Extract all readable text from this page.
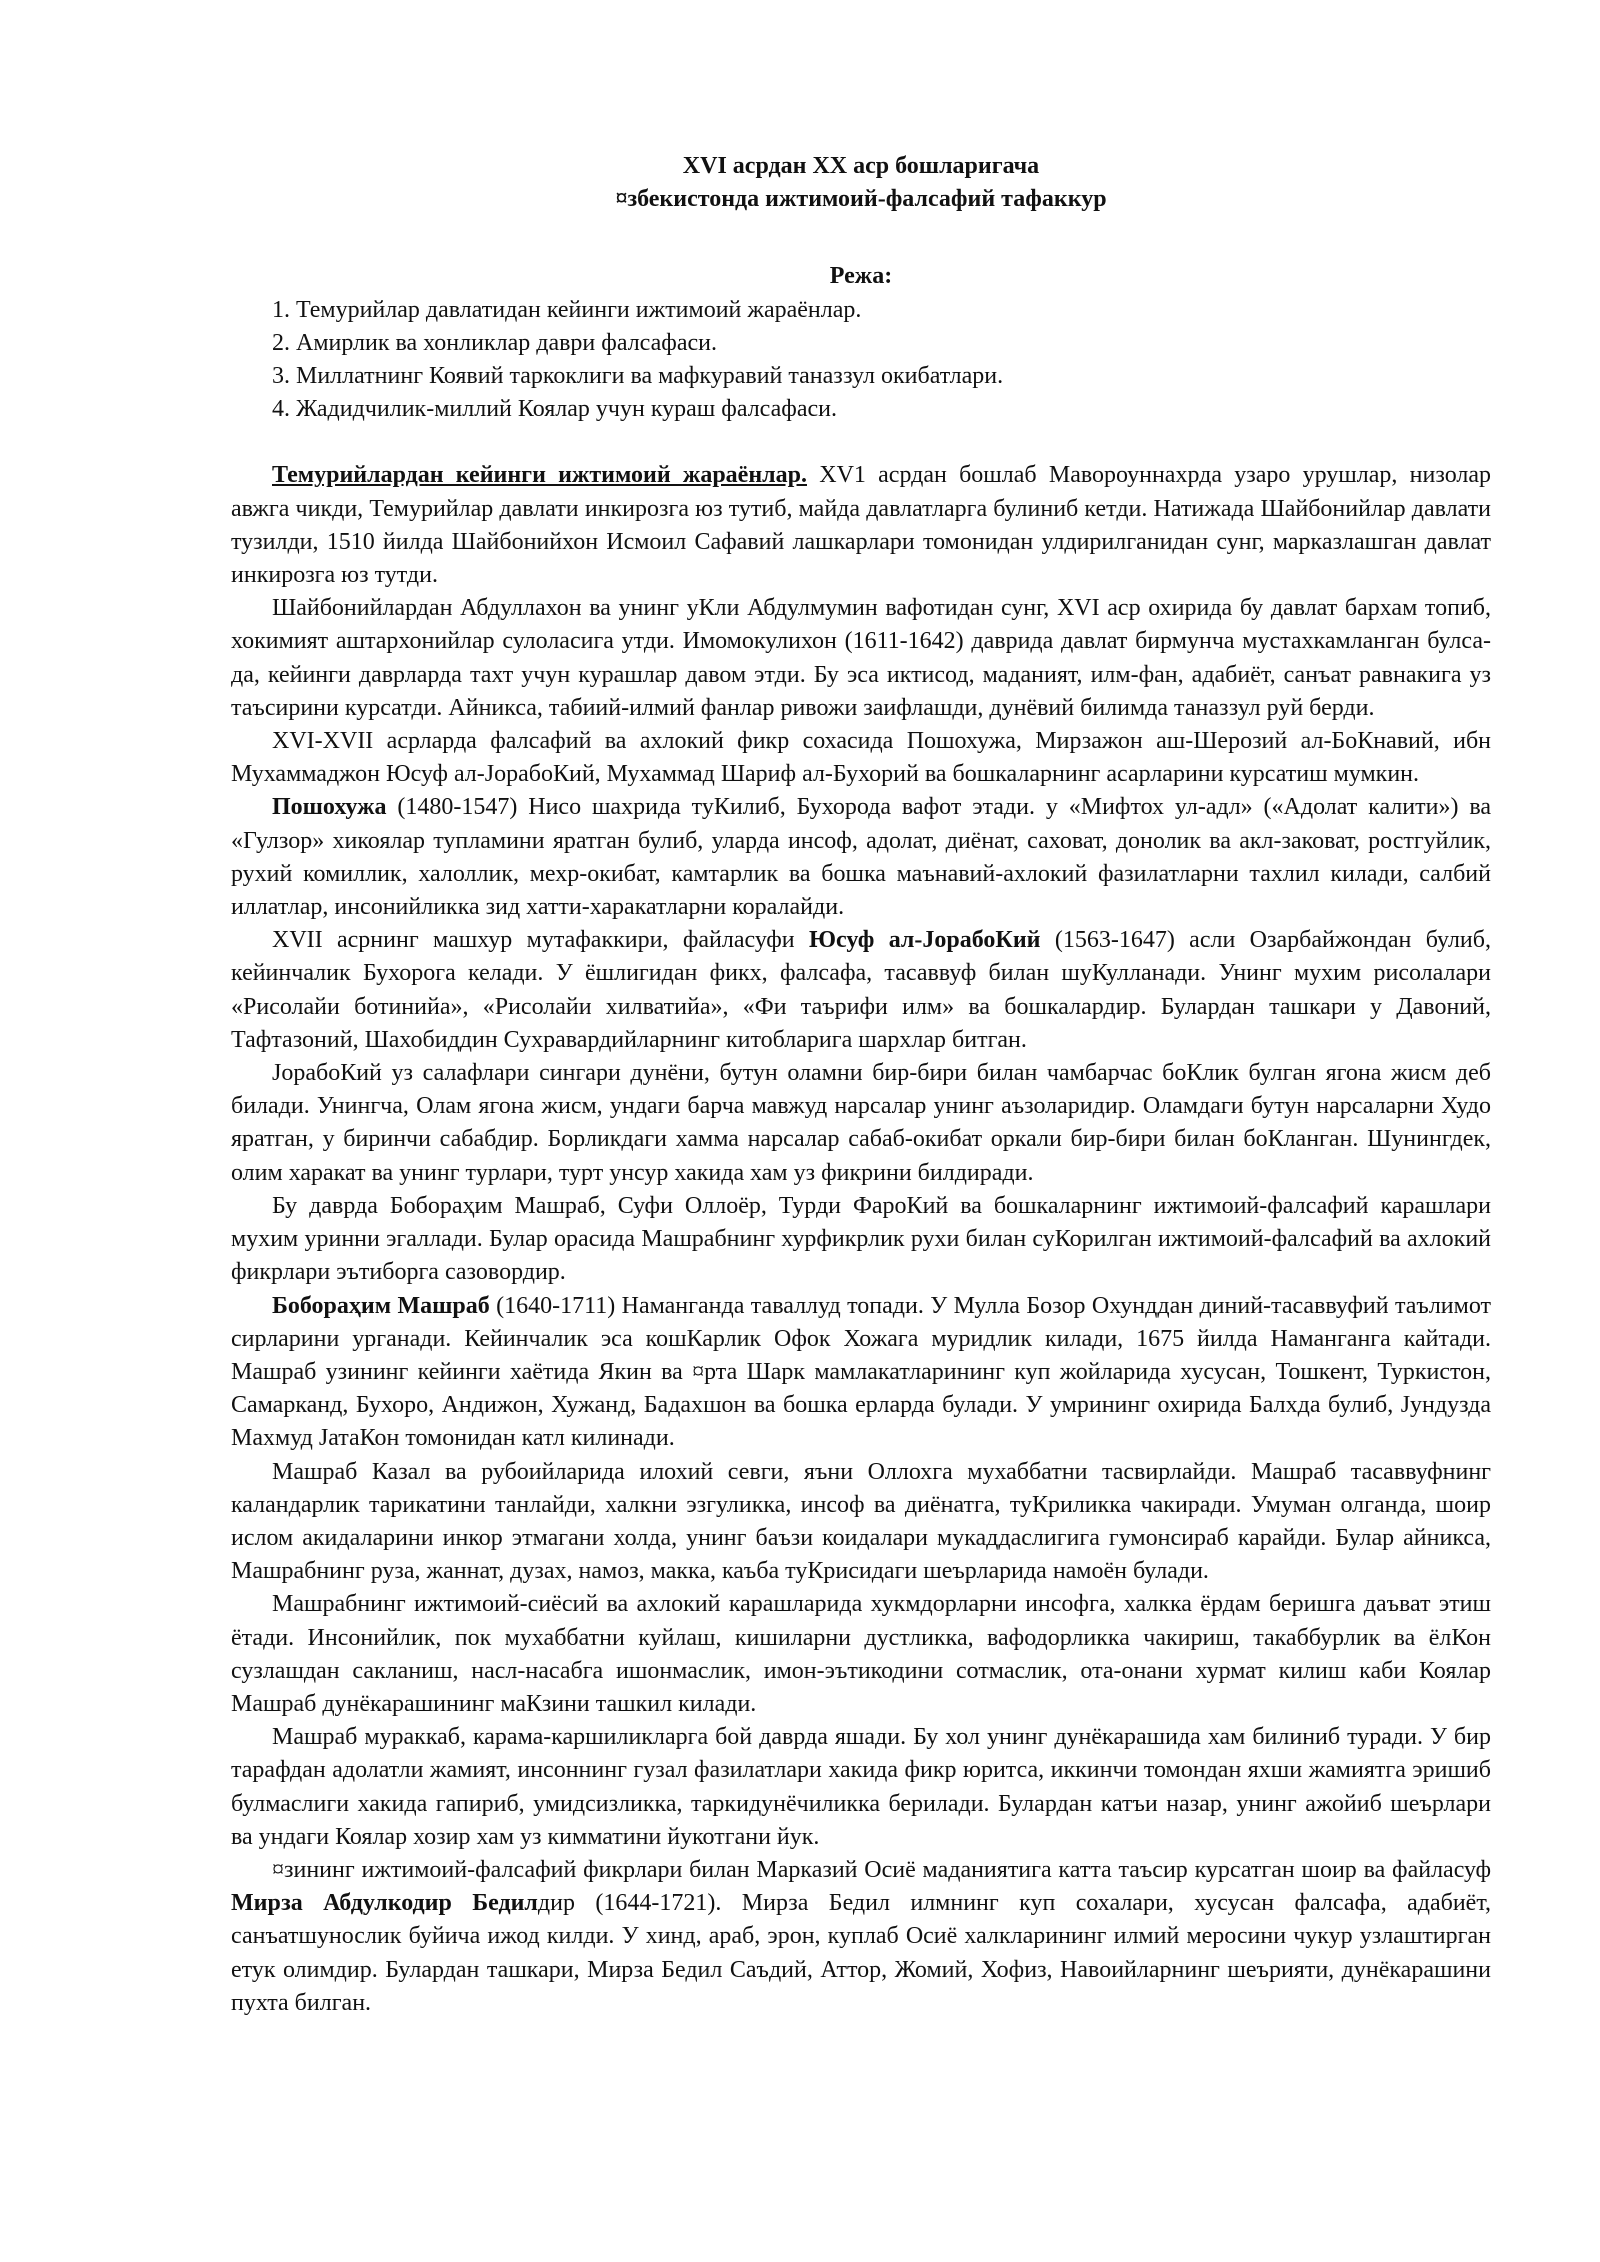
XVI асрдан XX аср бошларигача
¤збекистонда ижтимоий-фалсафий тафаккур
Режа:
1. Темурийлар давлатидан кейинги ижтимоий жараёнлар.
2. Амирлик ва хонликлар даври фалсафаси.
3. Миллатнинг Коявий таркоклиги ва мафкуравий таназзул окибатлари.
4. Жадидчилик-миллий Коялар учун кураш фалсафаси.

Темурийлардан кейинги ижтимоий жараёнлар. XV1 асрдан бошлаб Мавороуннахрда узаро урушлар, низолар авжга чикди, Темурийлар давлати инкирозга юз тутиб, майда давлатларга булиниб кетди. Натижада Шайбонийлар давлати тузилди, 1510 йилда Шайбонийхон Исмоил Сафавий лашкарлари томонидан улдирилганидан сунг, марказлашган давлат инкирозга юз тутди.

Шайбонийлардан Абдуллахон ва унинг уКли Абдулмумин вафотидан сунг, XVI аср охирида бу давлат бархам топиб, хокимият аштархонийлар сулоласига утди. Имомокулихон (1611-1642) даврида давлат бирмунча мустахкамланган булса-да, кейинги даврларда тахт учун курашлар давом этди. Бу эса иктисод, маданият, илм-фан, адабиёт, санъат равнакига уз таъсирини курсатди. Айникса, табиий-илмий фанлар ривожи заифлашди, дунёвий билимда таназзул руй берди.

XVI-XVII асрларда фалсафий ва ахлокий фикр сохасида Пошохужа, Мирзажон аш-Шерозий ал-БоКнавий, ибн Мухаммаджон Юсуф ал-JорабоКий, Мухаммад Шариф ал-Бухорий ва бошкаларнинг асарларини курсатиш мумкин.

Пошохужа (1480-1547) Нисо шахрида туКилиб, Бухорода вафот этади. у «Мифтох ул-адл» («Адолат калити») ва «Гулзор» хикоялар тупламини яратган булиб, уларда инсоф, адолат, диёнат, саховат, донолик ва акл-заковат, ростгуйлик, рухий комиллик, халоллик, мехр-окибат, камтарлик ва бошка маънавий-ахлокий фазилатларни тахлил килади, салбий иллатлар, инсонийликка зид хатти-харакатларни коралайди.

XVII асрнинг машхур мутафаккири, файласуфи Юсуф ал-JорабоКий (1563-1647) асли Озарбайжондан булиб, кейинчалик Бухорогa келади. У ёшлигидан фикх, фалсафа, тасаввуф билан шуКулланади. Унинг мухим рисолалари «Рисолайи ботинийа», «Рисолайи хилватийа», «Фи таърифи илм» ва бошкалардир. Булардан ташкари у Давоний, Тафтазоний, Шахобиддин Сухравардийларнинг китобларига шархлар битган.

JорабоКий уз салафлари сингари дунёни, бутун оламни бир-бири билан чамбарчас боКлик булган ягона жисм деб билади. Унингча, Олам ягона жисм, ундаги барча мавжуд нарсалар унинг аъзоларидир. Оламдаги бутун нарсаларни Худо яратган, у биринчи сабабдир. Борликдаги хамма нарсалар сабаб-окибат оркали бир-бири билан боКланган. Шунингдек, олим харакат ва унинг турлари, турт унсур хакида хам уз фикрини билдиради.

Бу даврда Бобораҳим Машраб, Суфи Оллоёр, Турди ФароКий ва бошкаларнинг ижтимоий-фалсафий карашлари мухим уринни эгаллади. Булар орасида Машрабнинг хурфикрлик рухи билан суКорилган ижтимоий-фалсафий ва ахлокий фикрлари эътиборга сазовордир.

Бобораҳим Машраб (1640-1711) Наманганда таваллуд топади. У Мулла Бозор Охунддан диний-тасаввуфий таълимот сирларини урганади. Кейинчалик эса кошКарлик Офок Хожага муридлик килади, 1675 йилда Наманганга кайтади. Машраб узининг кейинги хаётида Якин ва ¤рта Шарк мамлакатларининг куп жойларида хусусан, Тошкент, Туркистон, Самарканд, Бухоро, Андижон, Хужанд, Бадахшон ва бошка ерларда булади. У умрининг охирида Балхда булиб, Jундузда Махмуд JатаКон томонидан катл килинади.

Машраб Казал ва рубоийларида илохий севги, яъни Оллохга мухаббатни тасвирлайди. Машраб тасаввуфнинг каландарлик тарикатини танлайди, халкни эзгуликка, инсоф ва диёнатга, туКриликка чакиради. Умуман олганда, шоир ислом акидаларини инкор этмагани холда, унинг баъзи коидалари мукаддаслигига гумонсираб карайди. Булар айникса, Машрабнинг руза, жаннат, дузах, намоз, макка, каъба туКрисидаги шеърларида намоён булади.

Машрабнинг ижтимоий-сиёсий ва ахлокий карашларида хукмдорларни инсофга, халкка ёрдам беришга даъват этиш ётади. Инсонийлик, пок мухаббатни куйлаш, кишиларни дустликка, вафодорликка чакириш, такаббурлик ва ёлКон сузлашдан сакланиш, насл-насабга ишонмаслик, имон-эътикодини сотмаслик, ота-онани хурмат килиш каби Коялар Машраб дунёкарашининг маКзини ташкил килади.

Машраб мураккаб, карама-каршиликларга бой даврда яшади. Бу хол унинг дунёкарашида хам билиниб туради. У бир тарафдан адолатли жамият, инсоннинг гузал фазилатлари хакида фикр юритса, иккинчи томондан яхши жамиятга эришиб булмаслиги хакида гапириб, умидсизликка, таркидунёчиликка берилади. Булардан катъи назар, унинг ажойиб шеърлари ва ундаги Коялар хозир хам уз кимматини йукотгани йук.

¤зининг ижтимоий-фалсафий фикрлари билан Марказий Осиё маданиятига катта таъсир курсатган шоир ва файласуф Мирза Абдулкодир Бедилдир (1644-1721). Мирза Бедил илмнинг куп сохалари, хусусан фалсафа, адабиёт, санъатшунослик буйича ижод килди. У хинд, араб, эрон, куплаб Осиё халкларининг илмий меросини чукур узлаштирган етук олимдир. Булардан ташкари, Мирза Бедил Саъдий, Аттор, Жомий, Хофиз, Навоийларнинг шеърияти, дунёкарашини пухта билган.
